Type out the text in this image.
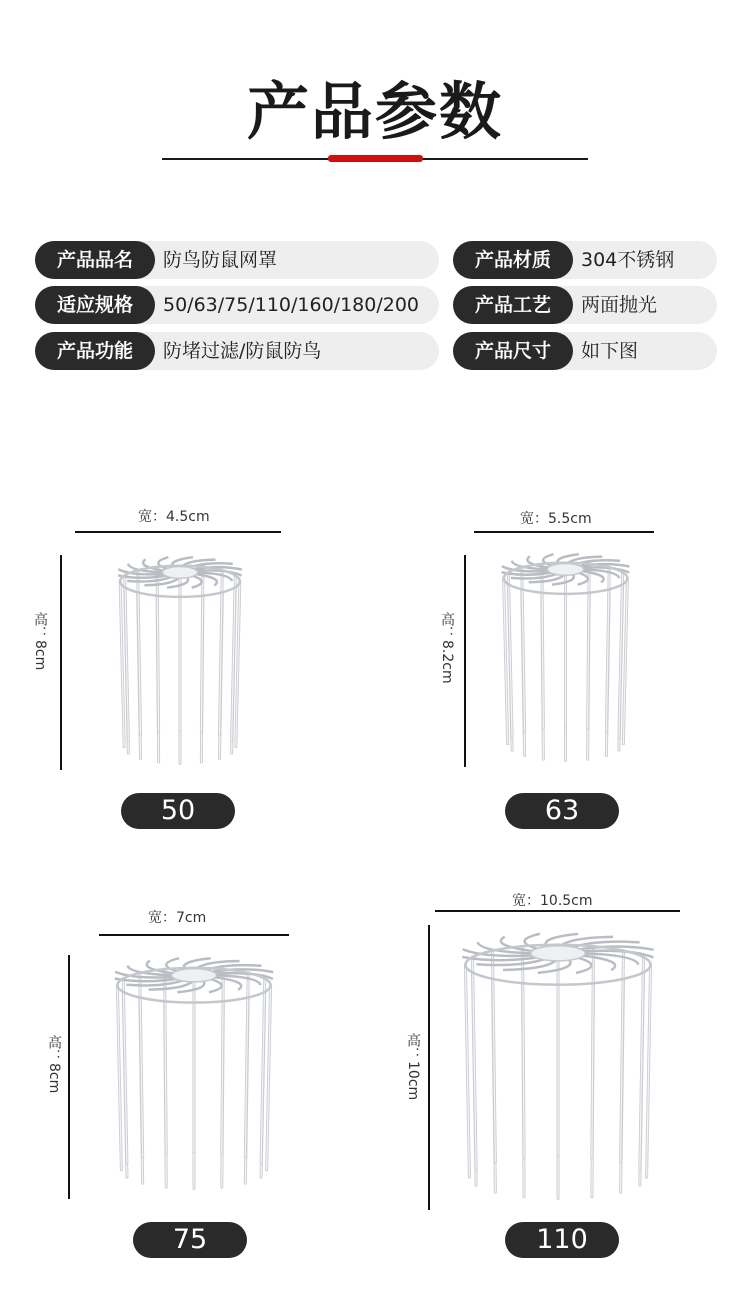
产品参数
产品品名	防鸟防鼠网罩	产品材质	304不锈钢
适应规格	50/63/75/110/160/180/200	产品工艺	两面抛光
产品功能	防堵过滤/防鼠防鸟	产品尺寸	如下图
宽：4.5cm
高：8cm
50
宽：5.5cm
高：8.2cm
63
宽：7cm
高：8cm
75
宽：10.5cm
高：10cm
110
